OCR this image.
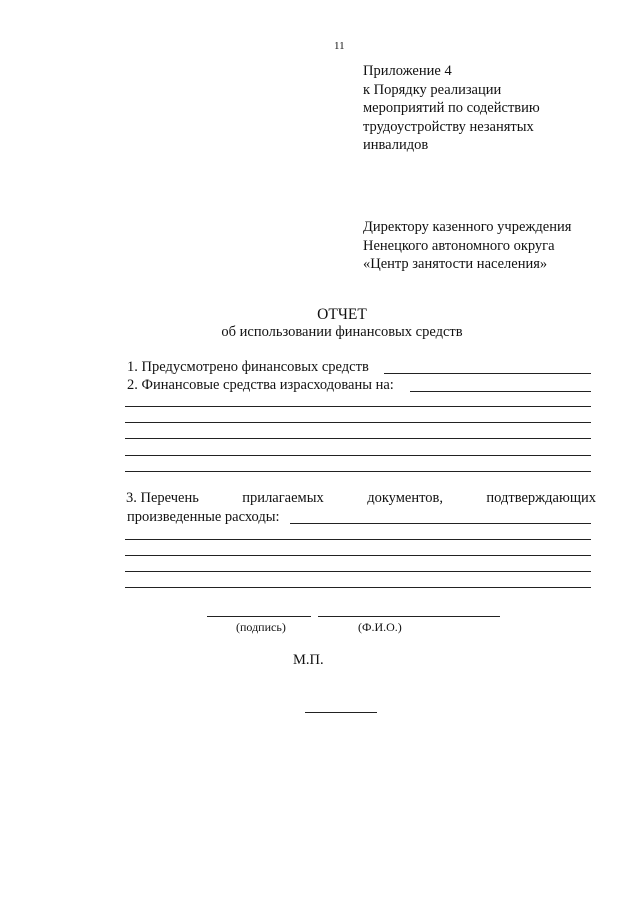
11
Приложение 4
к Порядку реализации
мероприятий по содействию
трудоустройству незанятых
инвалидов
Директору казенного учреждения
Ненецкого автономного округа
«Центр занятости населения»
ОТЧЕТ
об использовании финансовых средств
1. Предусмотрено финансовых средств
2. Финансовые средства израсходованы на:
3. Перечень	прилагаемых	документов,	подтверждающих
произведенные расходы:
(подпись)	(Ф.И.О.)
М.П.
